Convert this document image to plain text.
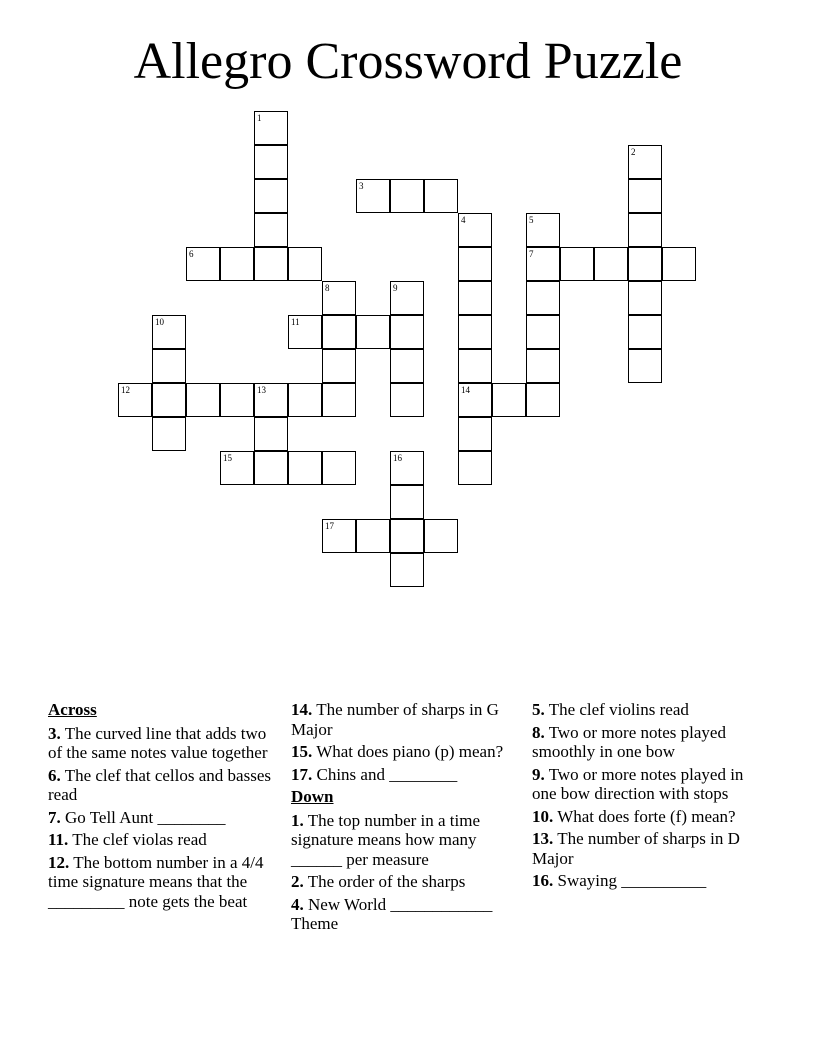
Allegro Crossword Puzzle
1
2
3
4
14
5
7
6
8	9
11
10
12	13
15	16
17

Across

3. The curved line that adds two of the same notes value together

6. The clef that cellos and basses read

7. Go Tell Aunt ________

11. The clef violas read

12. The bottom number in a 4/4 time signature means that the _________ note gets the beat

14. The number of sharps in G Major

15. What does piano (p) mean?

17. Chins and ________

Down

1. The top number in a time signature means how many ______ per measure

2. The order of the sharps

4. New World ____________ Theme

5. The clef violins read

8. Two or more notes played smoothly in one bow

9. Two or more notes played in one bow direction with stops

10. What does forte (f) mean?

13. The number of sharps in D Major

16. Swaying __________
